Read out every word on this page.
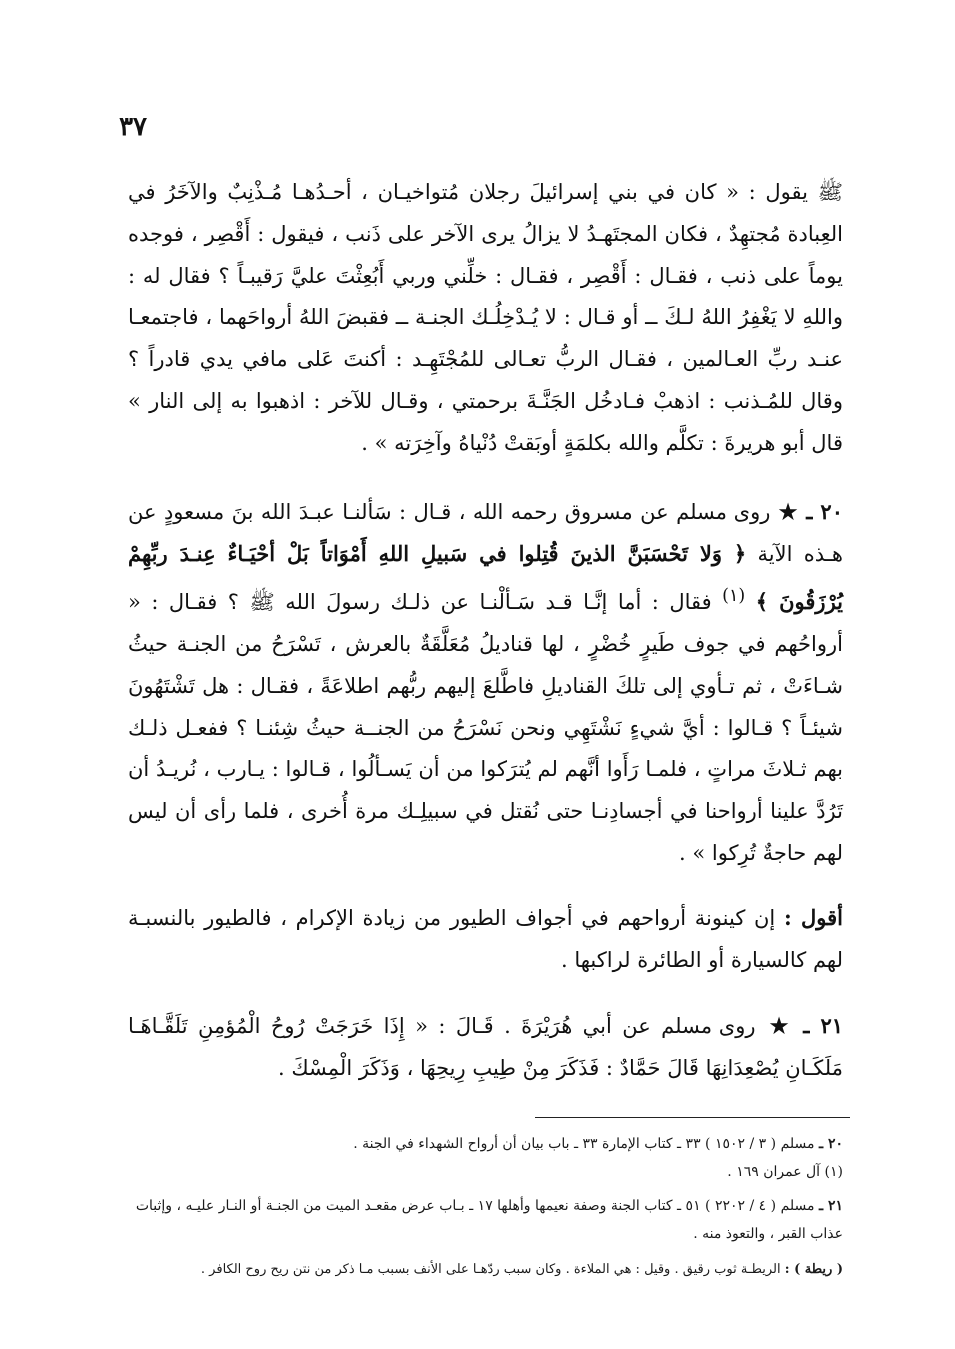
٣٧

ﷺ يقول : « كان في بني إسرائيلَ رجلان مُتواخيـان ، أحـدُهـا مُـذْنِبٌ والآخَرُ في العِبادة مُجتهِدٌ ، فكان المجتَهـدُ لا يزالُ يرى الآخر على ذَنب ، فيقول : أَقْصِر ، فوجده يوماً على ذنب ، فقـال : أَقْصِر ، فقـال : خلِّني وربي أَبُعِثْتَ عليَّ رَقيبـاً ؟ فقال له : واللهِ لا يَغْفِرُ اللهُ لـكَ ــ أو قـال : لا يُـدْخِلُـك الجنـة ــ فقبضَ اللهُ أرواحَهما ، فاجتمعـا عنـد ربِّ العـالمين ، فقـال الربُّ تعـالى للمُجْتَهِـد : أكنتَ عَلى مافي يدي قادراً ؟ وقال للمُـذنب : اذهبْ فـادخُل الجَنَّـةَ برحمتي ، وقـال للآخر : اذهبوا به إلى النار » قال أبو هريرةَ : تكلَّم والله بكلمَةٍ أوبَقتْ دُنْياهُ وآخِرَته » .

٢٠ ـ ★ روى مسلم عن مسروق رحمه الله ، قـال : سَألنـا عبـدَ الله بنَ مسعودٍ عن هـذه الآية ﴿ وَلا تَحْسَبَنَّ الذينَ قُتِلوا في سَبيلِ اللهِ أَمْوَاتاً بَلْ أحْيَـاءٌ عِنـدَ ربِّهِمْ يُرْزَقُونَ ﴾ $^{(١)}$ فقال : أما إنَّـا قـد سَـألْنـا عن ذلـك رسولَ الله ﷺ ؟ فقـال : « أرواحُهم في جوف طَيرٍ خُضْرٍ ، لها قناديلُ مُعَلَّقَةٌ بالعرش ، تَسْرَحُ من الجنـة حيثُ شـاءَتْ ، ثم تـأوي إلى تلكَ القناديلِ فاطَّلعَ إليهم ربُّهم اطلاعَةً ، فقـال : هل تَشْتَهُونَ شيئـاً ؟ قـالوا : أيَّ شيءٍ نَشْتَهِي ونحن نَسْرَحُ من الجنــة حيثُ شِئنـا ؟ ففعـل ذلـك بهم ثـلاثَ مراتٍ ، فلمـا رَأَوا أنَّهم لم يُترَكوا من أن يَسـألُوا ، قـالوا : يـارب ، نُريـدُ أن تَرُدَّ علينا أرواحنا في أجسادِنـا حتى نُقتل في سبيلِـك مرة أُخرى ، فلما رأى أن ليس لهم حاجةٌ تُرِكوا » .

أقول : إن كينونة أرواحهم في أجواف الطيور من زيادة الإكرام ، فالطيور بالنسبـة لهم كالسيارة أو الطائرة لراكبها .

٢١ ـ ★ روى مسلم عن أبي هُرَيْرَةَ . قَـالَ : « إِذَا خَرَجَتْ رُوحُ الْمُؤمِنِ تَلَقَّـاهَـا مَلَكَـانِ يُصْعِدَانِهَا قَالَ حَمَّادٌ : فَذَكَرَ مِنْ طِيبِ رِيحِهَا ، وَذَكَرَ الْمِسْكَ .

٢٠ ـ مسلم ( ٣ / ١٥٠٢ ) ٣٣ ـ كتاب الإمارة ٣٣ ـ باب بيان أن أرواح الشهداء في الجنة .

(١) آل عمران ١٦٩ .

٢١ ـ مسلم ( ٤ / ٢٢٠٢ ) ٥١ ـ كتاب الجنة وصفة نعيمها وأهلها ١٧ ـ بـاب عرض مقعـد الميت من الجنـة أو النـار عليـه ، وإثبات عذاب القبر ، والتعوذ منه .

( ريطة ) : الريطـة ثوب رقيق . وقيل : هي الملاءة . وكان سبب ردّهـا على الأنف بسبب مـا ذكر من نتن ريح روح الكافر .
